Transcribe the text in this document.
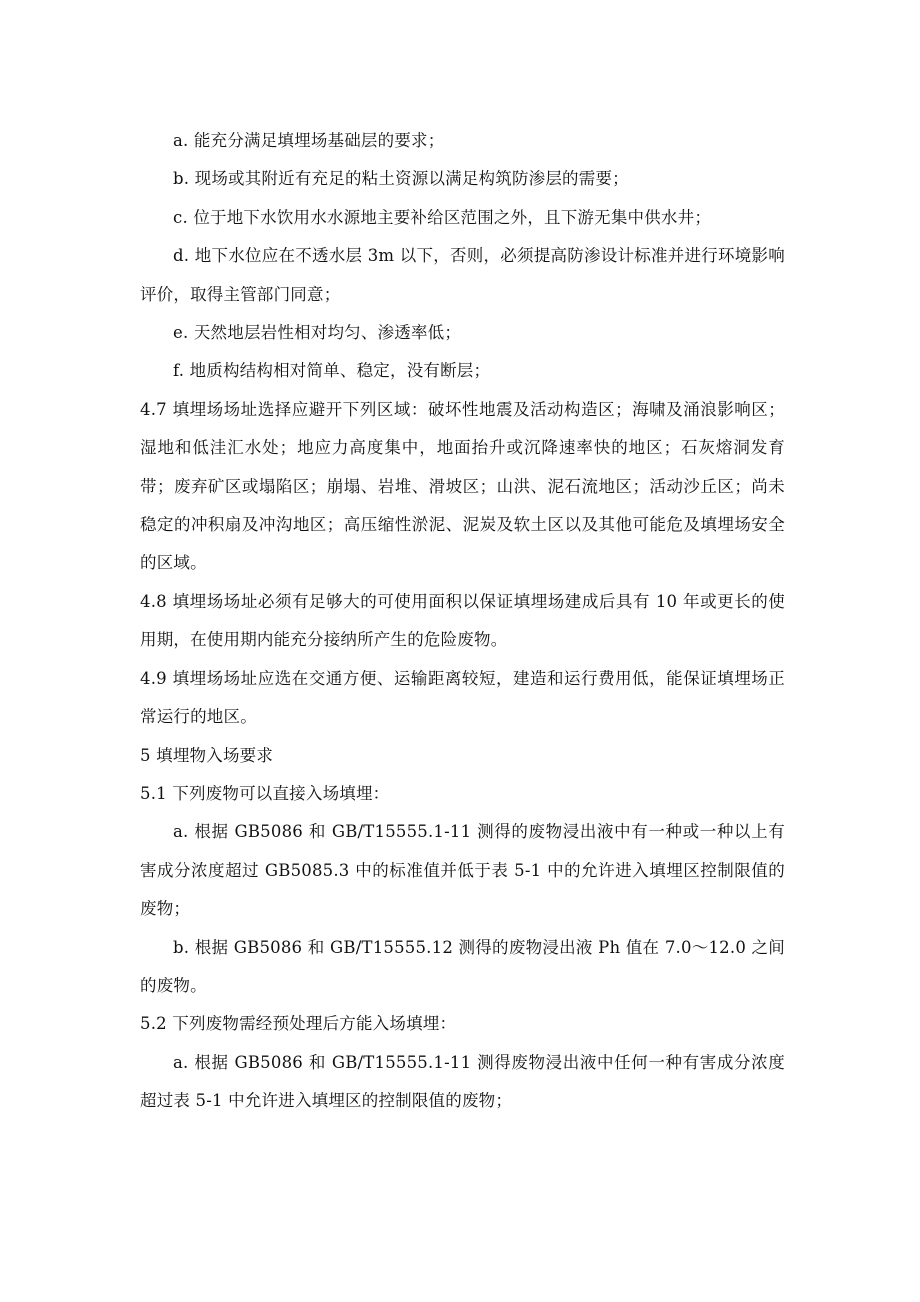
a. 能充分满足填埋场基础层的要求；

b. 现场或其附近有充足的粘土资源以满足构筑防渗层的需要；

c. 位于地下水饮用水水源地主要补给区范围之外，且下游无集中供水井；

d. 地下水位应在不透水层 3m 以下，否则，必须提高防渗设计标准并进行环境影响评价，取得主管部门同意；

e. 天然地层岩性相对均匀、渗透率低；

f. 地质构结构相对简单、稳定，没有断层；

4.7 填埋场场址选择应避开下列区域：破坏性地震及活动构造区；海啸及涌浪影响区；湿地和低洼汇水处；地应力高度集中，地面抬升或沉降速率快的地区；石灰熔洞发育带；废弃矿区或塌陷区；崩塌、岩堆、滑坡区；山洪、泥石流地区；活动沙丘区；尚未稳定的冲积扇及冲沟地区；高压缩性淤泥、泥炭及软土区以及其他可能危及填埋场安全的区域。

4.8 填埋场场址必须有足够大的可使用面积以保证填埋场建成后具有 10 年或更长的使用期，在使用期内能充分接纳所产生的危险废物。

4.9 填埋场场址应选在交通方便、运输距离较短，建造和运行费用低，能保证填埋场正常运行的地区。

5 填埋物入场要求

5.1 下列废物可以直接入场填埋：

a. 根据 GB5086 和 GB/T15555.1-11 测得的废物浸出液中有一种或一种以上有害成分浓度超过 GB5085.3 中的标准值并低于表 5-1 中的允许进入填埋区控制限值的废物；

b. 根据 GB5086 和 GB/T15555.12 测得的废物浸出液 Ph 值在 7.0～12.0 之间的废物。

5.2 下列废物需经预处理后方能入场填埋：

a. 根据 GB5086 和 GB/T15555.1-11 测得废物浸出液中任何一种有害成分浓度超过表 5-1 中允许进入填埋区的控制限值的废物；
